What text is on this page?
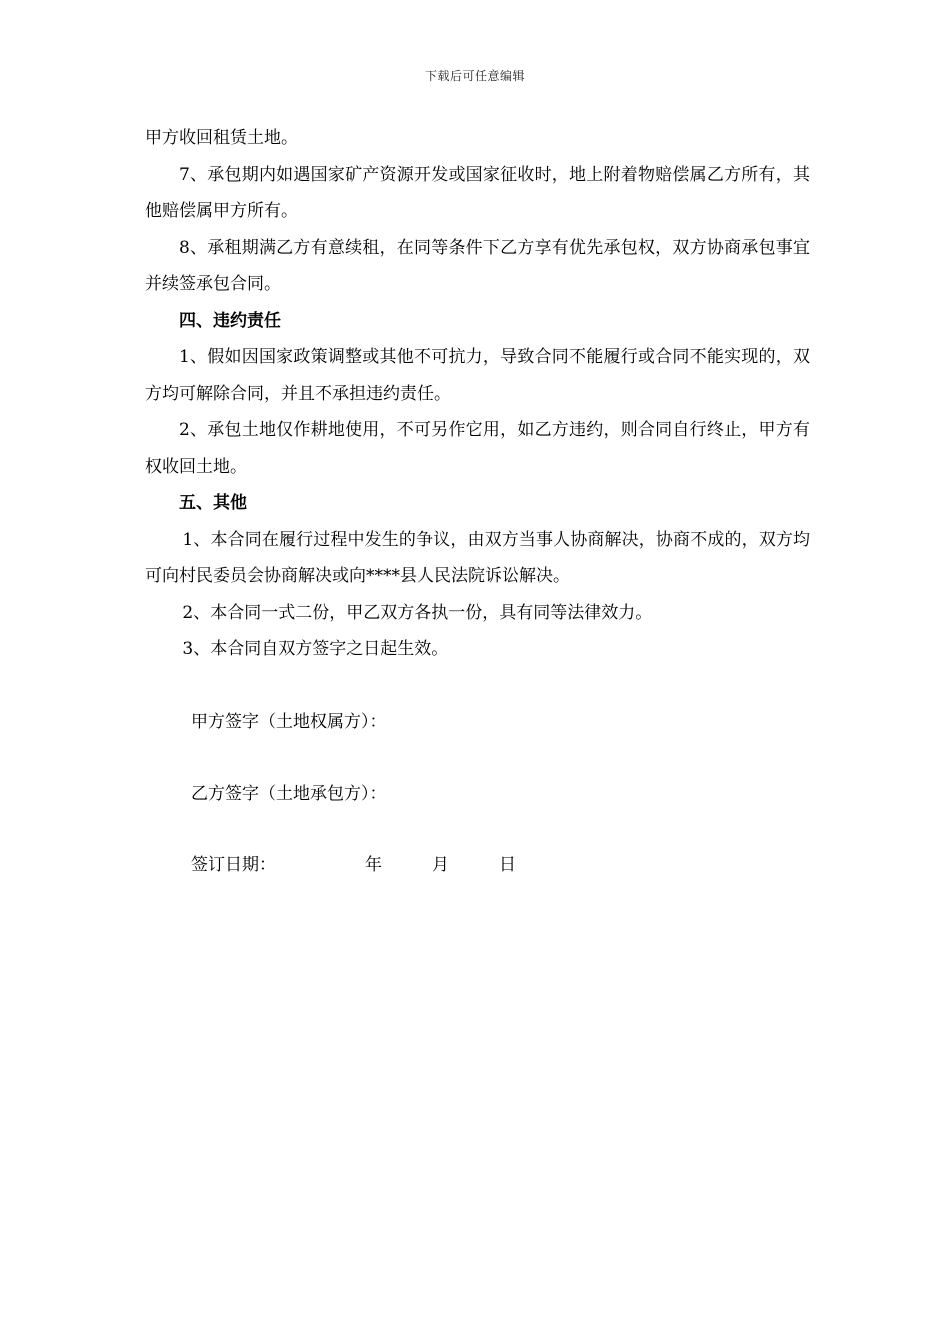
下载后可任意编辑

甲方收回租赁土地。

7、承包期内如遇国家矿产资源开发或国家征收时，地上附着物赔偿属乙方所有，其他赔偿属甲方所有。

8、承租期满乙方有意续租，在同等条件下乙方享有优先承包权，双方协商承包事宜并续签承包合同。

四、违约责任

1、假如因国家政策调整或其他不可抗力，导致合同不能履行或合同不能实现的，双方均可解除合同，并且不承担违约责任。

2、承包土地仅作耕地使用，不可另作它用，如乙方违约，则合同自行终止，甲方有权收回土地。

五、其他

1、本合同在履行过程中发生的争议，由双方当事人协商解决，协商不成的，双方均可向村民委员会协商解决或向****县人民法院诉讼解决。

2、本合同一式二份，甲乙双方各执一份，具有同等法律效力。

3、本合同自双方签字之日起生效。

甲方签字（土地权属方）：
乙方签字（土地承包方）：
签订日期：	年	月	日
